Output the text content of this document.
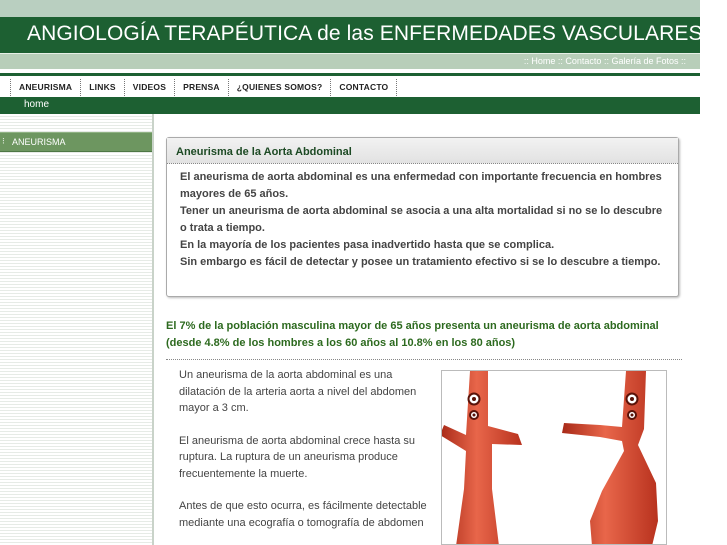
ANGIOLOGÍA TERAPÉUTICA de las ENFERMEDADES VASCULARES
:: Home :: Contacto :: Galería de Fotos ::
ANEURISMA	LINKS	VIDEOS	PRENSA	¿QUIENES SOMOS?	CONTACTO
home
⁝ ANEURISMA
Aneurisma de la Aorta Abdominal

El aneurisma de aorta abdominal es una enfermedad con importante frecuencia en hombres mayores de 65 años.

Tener un aneurisma de aorta abdominal se asocia a una alta mortalidad si no se lo descubre o trata a tiempo.

En la mayoría de los pacientes pasa inadvertido hasta que se complica.

Sin embargo es fácil de detectar y posee un tratamiento efectivo si se lo descubre a tiempo.

El 7% de la población masculina mayor de 65 años presenta un aneurisma de aorta abdominal (desde 4.8% de los hombres a los 60 años al 10.8% en los 80 años)

Un aneurisma de la aorta abdominal es una dilatación de la arteria aorta a nivel del abdomen mayor a 3 cm.

El aneurisma de aorta abdominal crece hasta su ruptura. La ruptura de un aneurisma produce frecuentemente la muerte.

Antes de que esto ocurra, es fácilmente detectable mediante una ecografía o tomografía de abdomen
